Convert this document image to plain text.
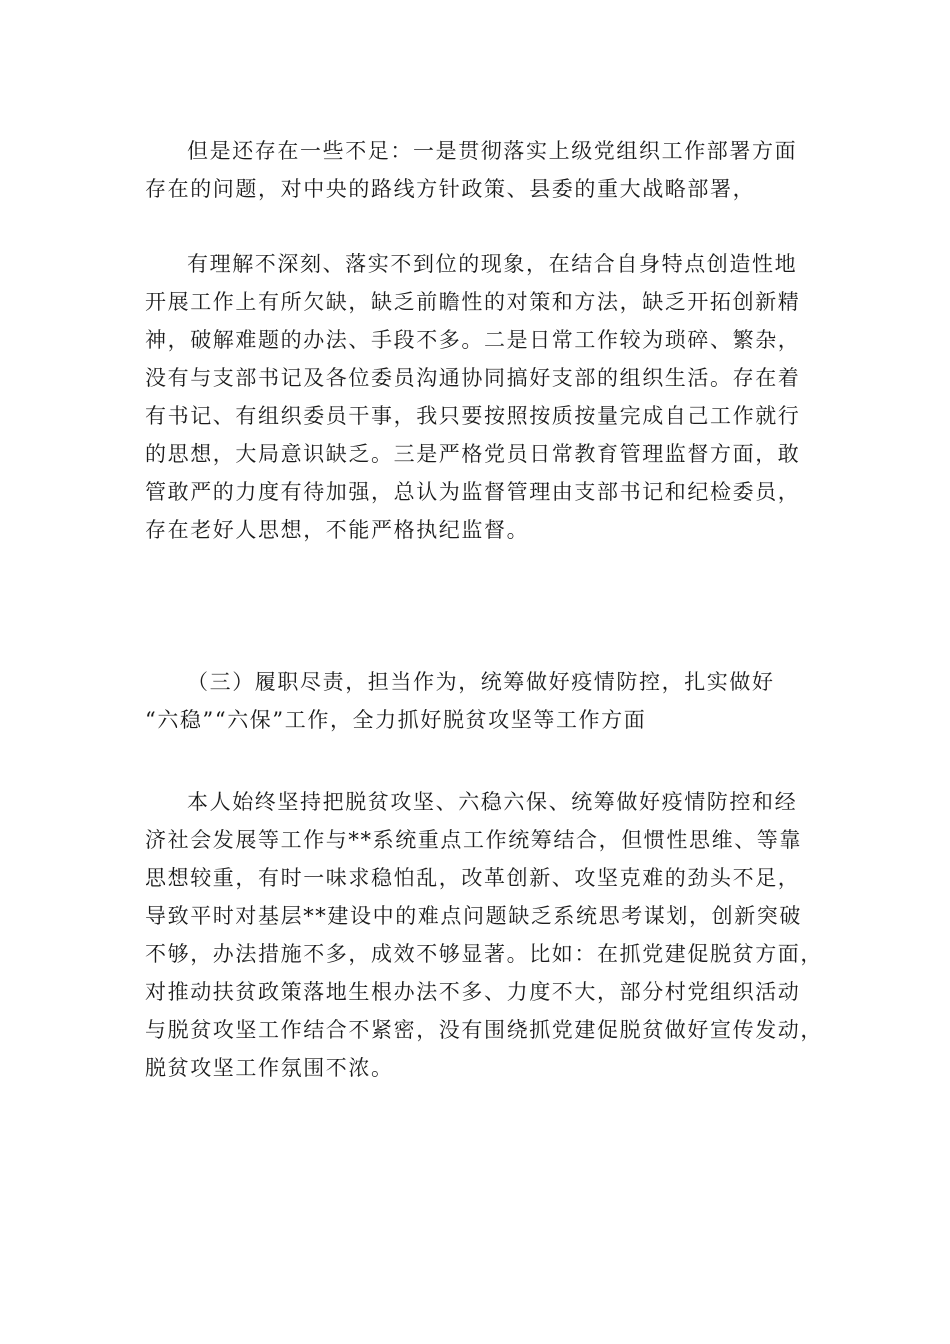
但是还存在一些不足：一是贯彻落实上级党组织工作部署方面
存在的问题，对中央的路线方针政策、县委的重大战略部署，

有理解不深刻、落实不到位的现象，在结合自身特点创造性地
开展工作上有所欠缺，缺乏前瞻性的对策和方法，缺乏开拓创新精
神，破解难题的办法、手段不多。二是日常工作较为琐碎、繁杂，
没有与支部书记及各位委员沟通协同搞好支部的组织生活。存在着
有书记、有组织委员干事，我只要按照按质按量完成自己工作就行
的思想，大局意识缺乏。三是严格党员日常教育管理监督方面，敢
管敢严的力度有待加强，总认为监督管理由支部书记和纪检委员，
存在老好人思想，不能严格执纪监督。

（三）履职尽责，担当作为，统筹做好疫情防控，扎实做好
“六稳”“六保”工作，全力抓好脱贫攻坚等工作方面

本人始终坚持把脱贫攻坚、六稳六保、统筹做好疫情防控和经
济社会发展等工作与**系统重点工作统筹结合，但惯性思维、等靠
思想较重，有时一味求稳怕乱，改革创新、攻坚克难的劲头不足，
导致平时对基层**建设中的难点问题缺乏系统思考谋划，创新突破
不够，办法措施不多，成效不够显著。比如：在抓党建促脱贫方面，
对推动扶贫政策落地生根办法不多、力度不大，部分村党组织活动
与脱贫攻坚工作结合不紧密，没有围绕抓党建促脱贫做好宣传发动，
脱贫攻坚工作氛围不浓。
